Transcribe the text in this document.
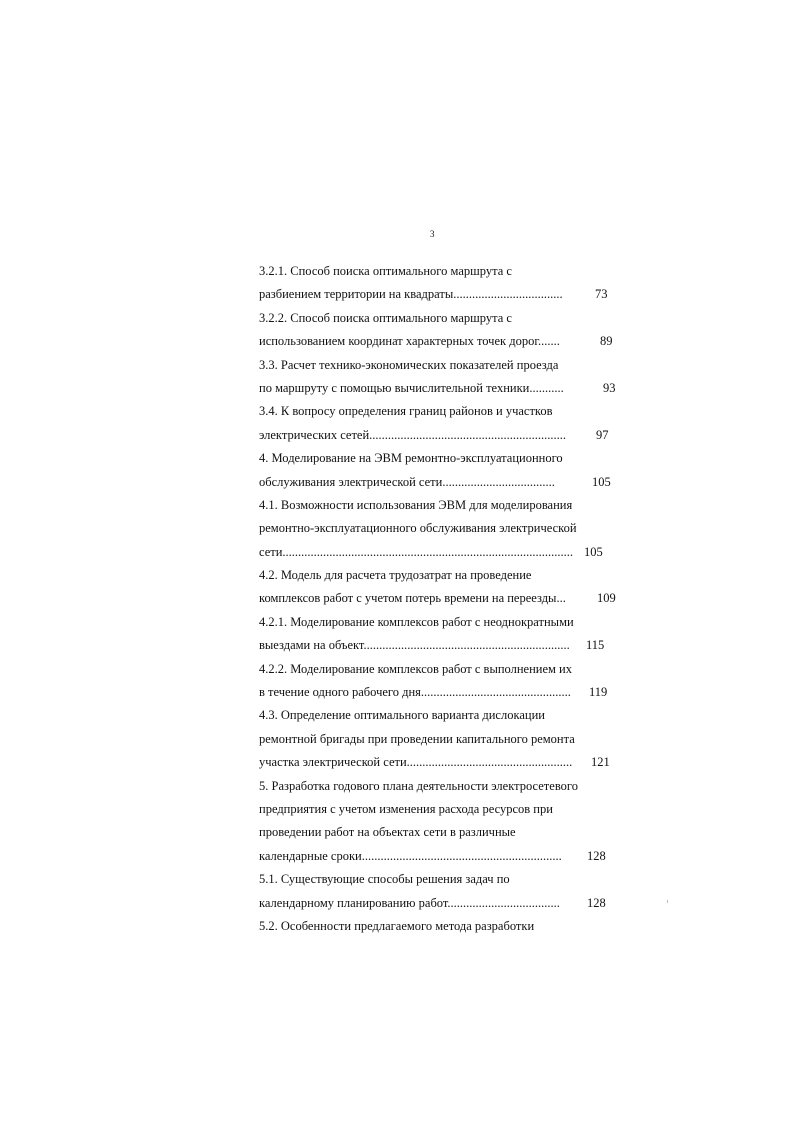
3
3.2.1. Способ поиска оптимального маршрута с
разбиением территории на квадраты...................................	73
3.2.2. Способ поиска оптимального маршрута с
использованием координат характерных точек дорог.......	89
3.3. Расчет технико-экономических показателей проезда
по маршруту с помощью вычислительной техники...........	93
3.4. К вопросу определения границ районов и участков
электрических сетей............................................................... 97
4. Моделирование на ЭВМ ремонтно-эксплуатационного
обслуживания электрической сети....................................	105
4.1. Возможности использования ЭВМ для моделирования
ремонтно-эксплуатационного обслуживания электрической
сети............................................................................................. 105
4.2. Модель для расчета трудозатрат на проведение
комплексов работ с учетом потерь времени на переезды... 109
4.2.1. Моделирование комплексов работ с неоднократными
выездами на объект.................................................................. 115
4.2.2. Моделирование комплексов работ с выполнением их
в течение одного рабочего дня................................................ 119
4.3. Определение оптимального варианта дислокации
ремонтной бригады при проведении капитального ремонта
участка электрической сети..................................................... 121
5. Разработка годового плана деятельности электросетевого
предприятия с учетом изменения расхода ресурсов при
проведении работ на объектах сети в различные
календарные сроки................................................................ 128
5.1. Существующие способы решения задач по
календарному планированию работ.................................... 128
5.2. Особенности предлагаемого метода разработки
